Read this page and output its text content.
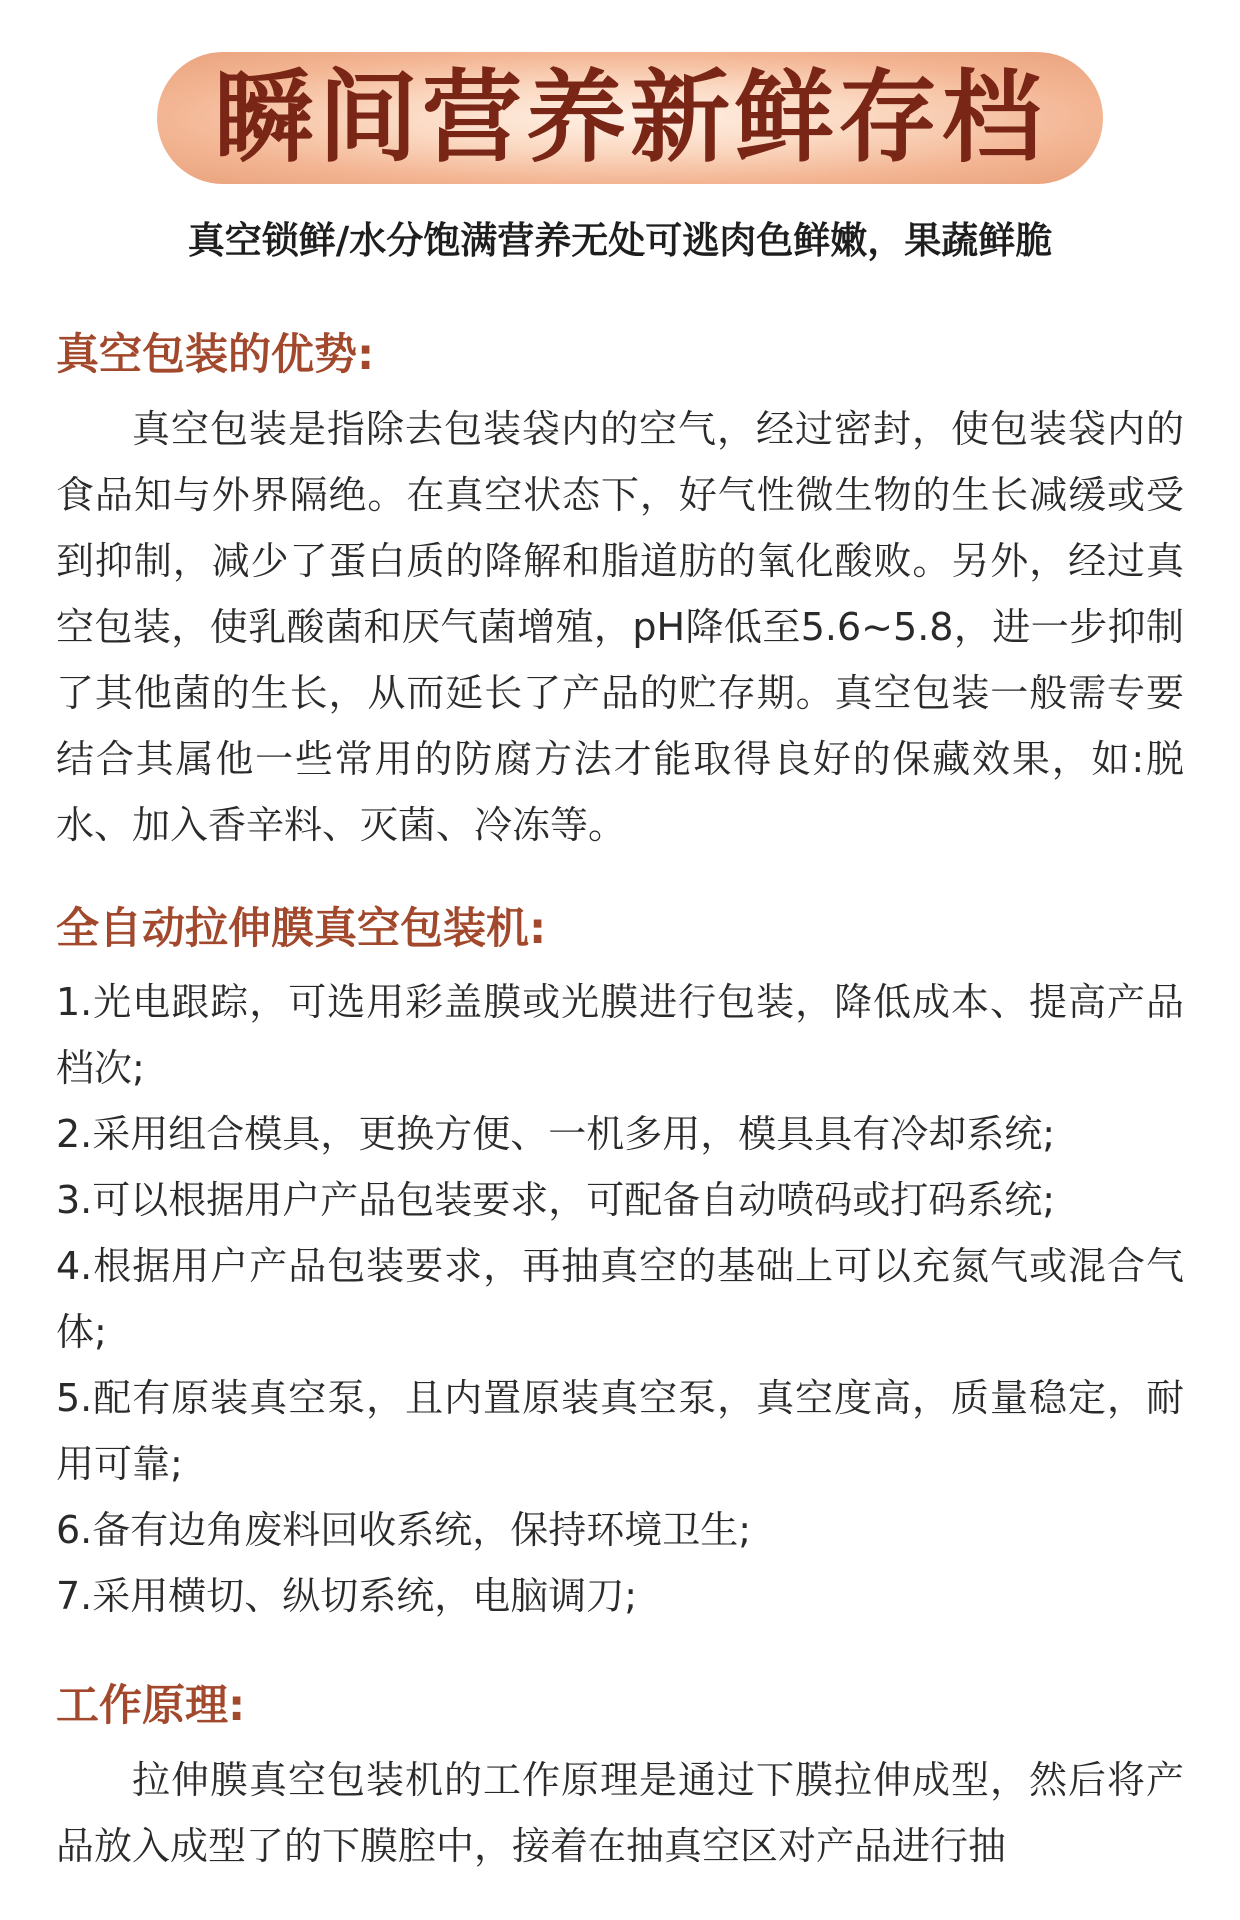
瞬间营养新鲜存档
真空锁鲜/水分饱满营养无处可逃肉色鲜嫩，果蔬鲜脆
真空包装的优势:

真空包装是指除去包装袋内的空气，经过密封，使包装袋内的食品知与外界隔绝。在真空状态下，好气性微生物的生长减缓或受到抑制，减少了蛋白质的降解和脂道肪的氧化酸败。另外，经过真空包装，使乳酸菌和厌气菌增殖，pH降低至5.6~5.8，进一步抑制了其他菌的生长，从而延长了产品的贮存期。真空包装一般需专要结合其属他一些常用的防腐方法才能取得良好的保藏效果，如:脱水、加入香辛料、灭菌、冷冻等。

全自动拉伸膜真空包装机:
1.光电跟踪，可选用彩盖膜或光膜进行包装，降低成本、提高产品档次;
2.采用组合模具，更换方便、一机多用，模具具有冷却系统;
3.可以根据用户产品包装要求，可配备自动喷码或打码系统;
4.根据用户产品包装要求，再抽真空的基础上可以充氮气或混合气体;
5.配有原装真空泵，且内置原装真空泵，真空度高，质量稳定，耐用可靠;
6.备有边角废料回收系统，保持环境卫生;
7.采用横切、纵切系统，电脑调刀;
工作原理:

拉伸膜真空包装机的工作原理是通过下膜拉伸成型，然后将产品放入成型了的下膜腔中，接着在抽真空区对产品进行抽
